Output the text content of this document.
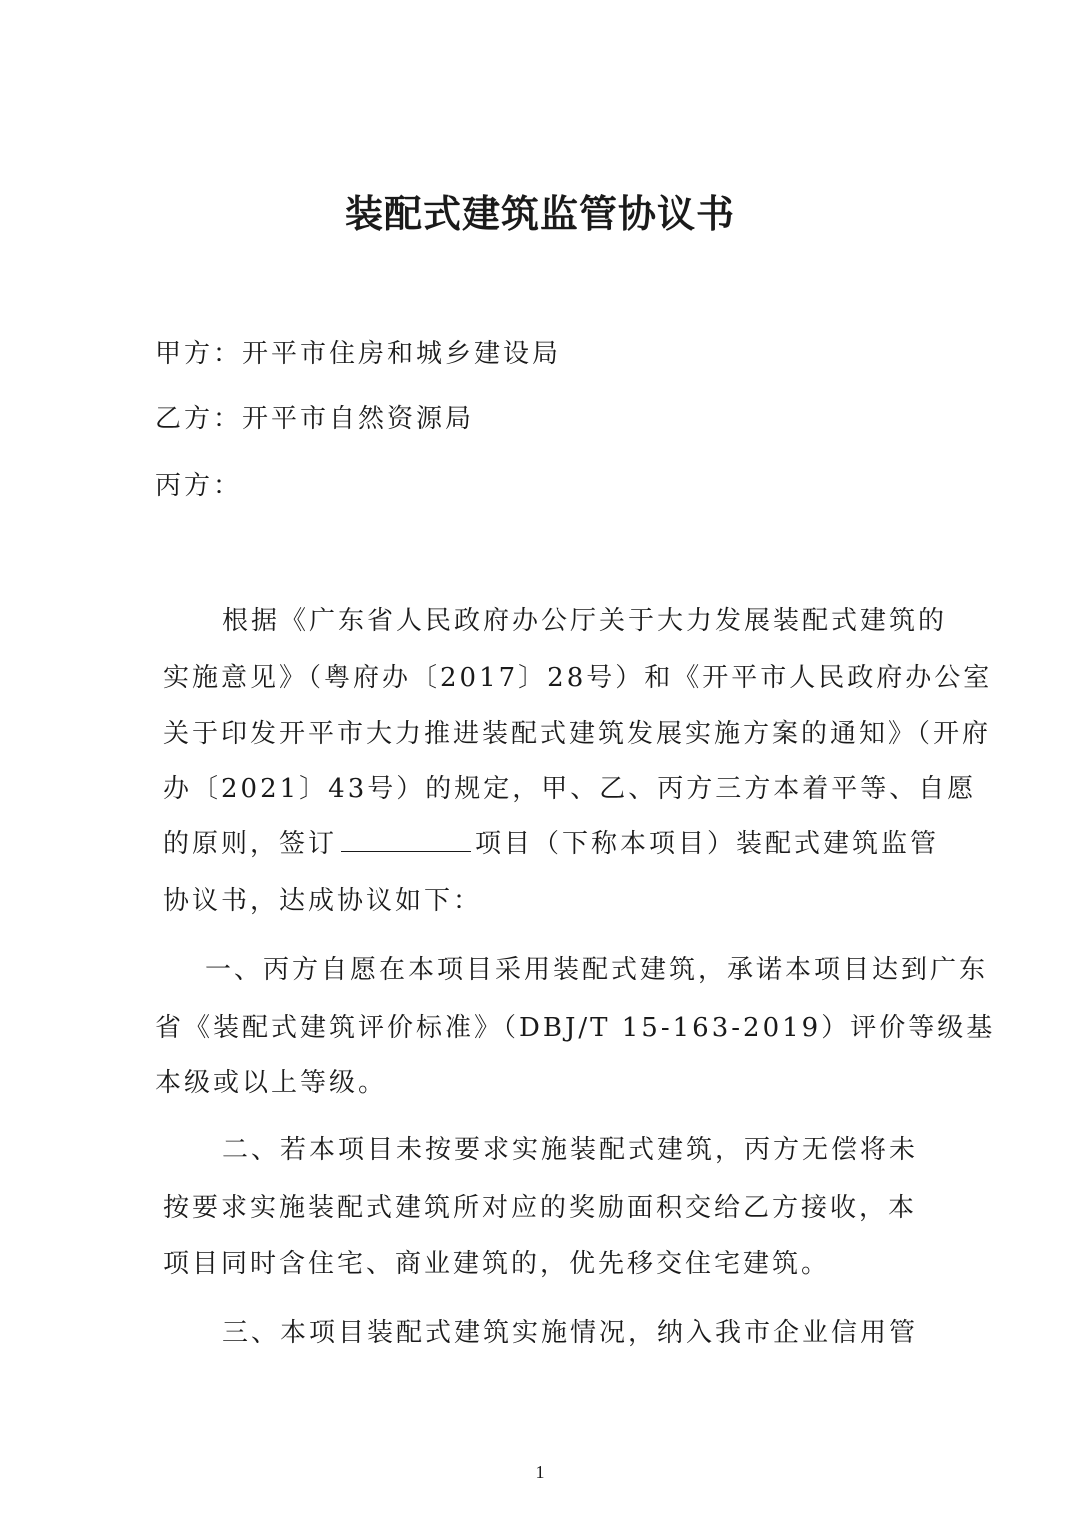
装配式建筑监管协议书
甲方：开平市住房和城乡建设局
乙方：开平市自然资源局
丙方：
根据《广东省人民政府办公厅关于大力发展装配式建筑的
实施意见》（粤府办〔2017〕28号）和《开平市人民政府办公室
关于印发开平市大力推进装配式建筑发展实施方案的通知》（开府
办〔2021〕43号）的规定，甲、乙、丙方三方本着平等、自愿
的原则，签订	项目（下称本项目）装配式建筑监管
协议书，达成协议如下：
一、丙方自愿在本项目采用装配式建筑，承诺本项目达到广东
省《装配式建筑评价标准》（DBJ/T 15-163-2019）评价等级基
本级或以上等级。
二、若本项目未按要求实施装配式建筑，丙方无偿将未
按要求实施装配式建筑所对应的奖励面积交给乙方接收，本
项目同时含住宅、商业建筑的，优先移交住宅建筑。
三、本项目装配式建筑实施情况，纳入我市企业信用管
1
